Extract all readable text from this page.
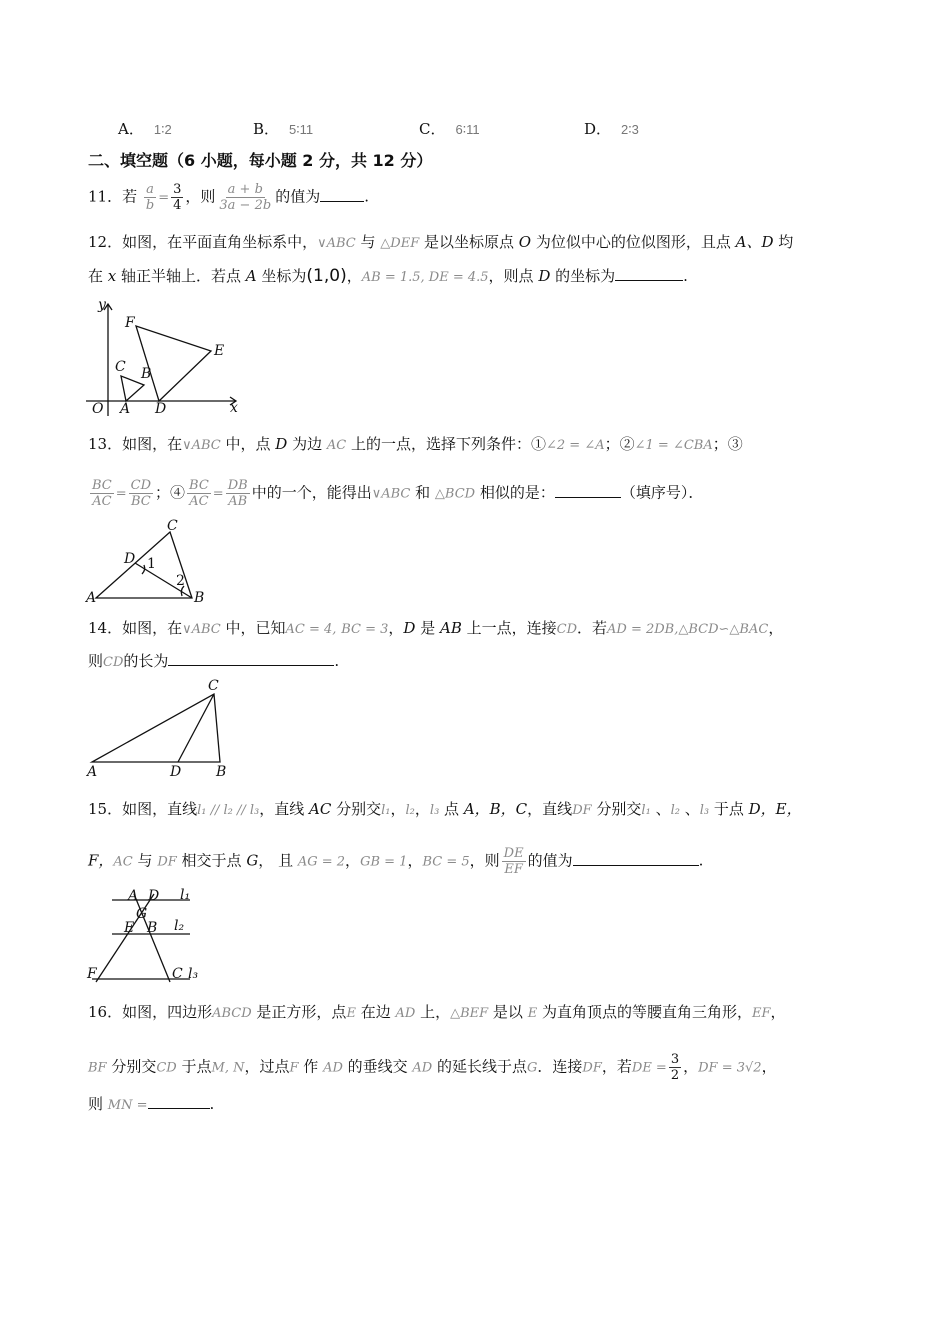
A． 1∶2	B． 5∶11	C． 6∶11	D． 2∶3
二、填空题（6 小题，每小题 2 分，共 12 分）
11．若 $\frac{a}{b} = \frac{3}{4}$ ，则 $\frac{a + b}{3a - 2b}$ 的值为	.
12．如图，在平面直角坐标系中，∨ABC 与 △DEF 是以坐标原点 O 为位似中心的位似图形，且点 A、D 均
在 x 轴正半轴上．若点 A 坐标为(1,0)，AB = 1.5, DE = 4.5，则点 D 的坐标为	.
y
x
O A
B
C
D
E
F
13．如图，在∨ABC 中，点 D 为边 AC 上的一点，选择下列条件：①∠2 = ∠A；②∠1 = ∠CBA；③
$\frac{BC}{AC} = \frac{CD}{BC}$ ；④ $\frac{BC}{AC} = \frac{DB}{AB}$ 中的一个，能得出∨ABC 和 △BCD 相似的是：	（填序号）．
A	B
C
D 1
2
14．如图，在∨ABC 中，已知AC = 4, BC = 3，D 是 AB 上一点，连接CD．若AD = 2DB,△BCD∽△BAC，
则CD的长为	.
A	B
C
D
15．如图，直线l₁ // l₂ // l₃，直线 AC 分别交l₁，l₂，l₃ 点 A，B，C，直线DF 分别交l₁ 、l₂ 、l₃ 于点 D，E，
F，AC 与 DF 相交于点 G， 且 AG = 2，GB = 1，BC = 5，则 $\frac{DE}{EF}$ 的值为	.
A D
G
E B
F	C
l₁
l₂
l₃
16．如图，四边形ABCD 是正方形，点E 在边 AD 上，△BEF 是以 E 为直角顶点的等腰直角三角形，EF，
BF 分别交CD 于点M, N，过点F 作 AD 的垂线交 AD 的延长线于点G．连接DF，若DE = $\frac{3}{2}$ ，DF = 3√2，
则 MN =	.
